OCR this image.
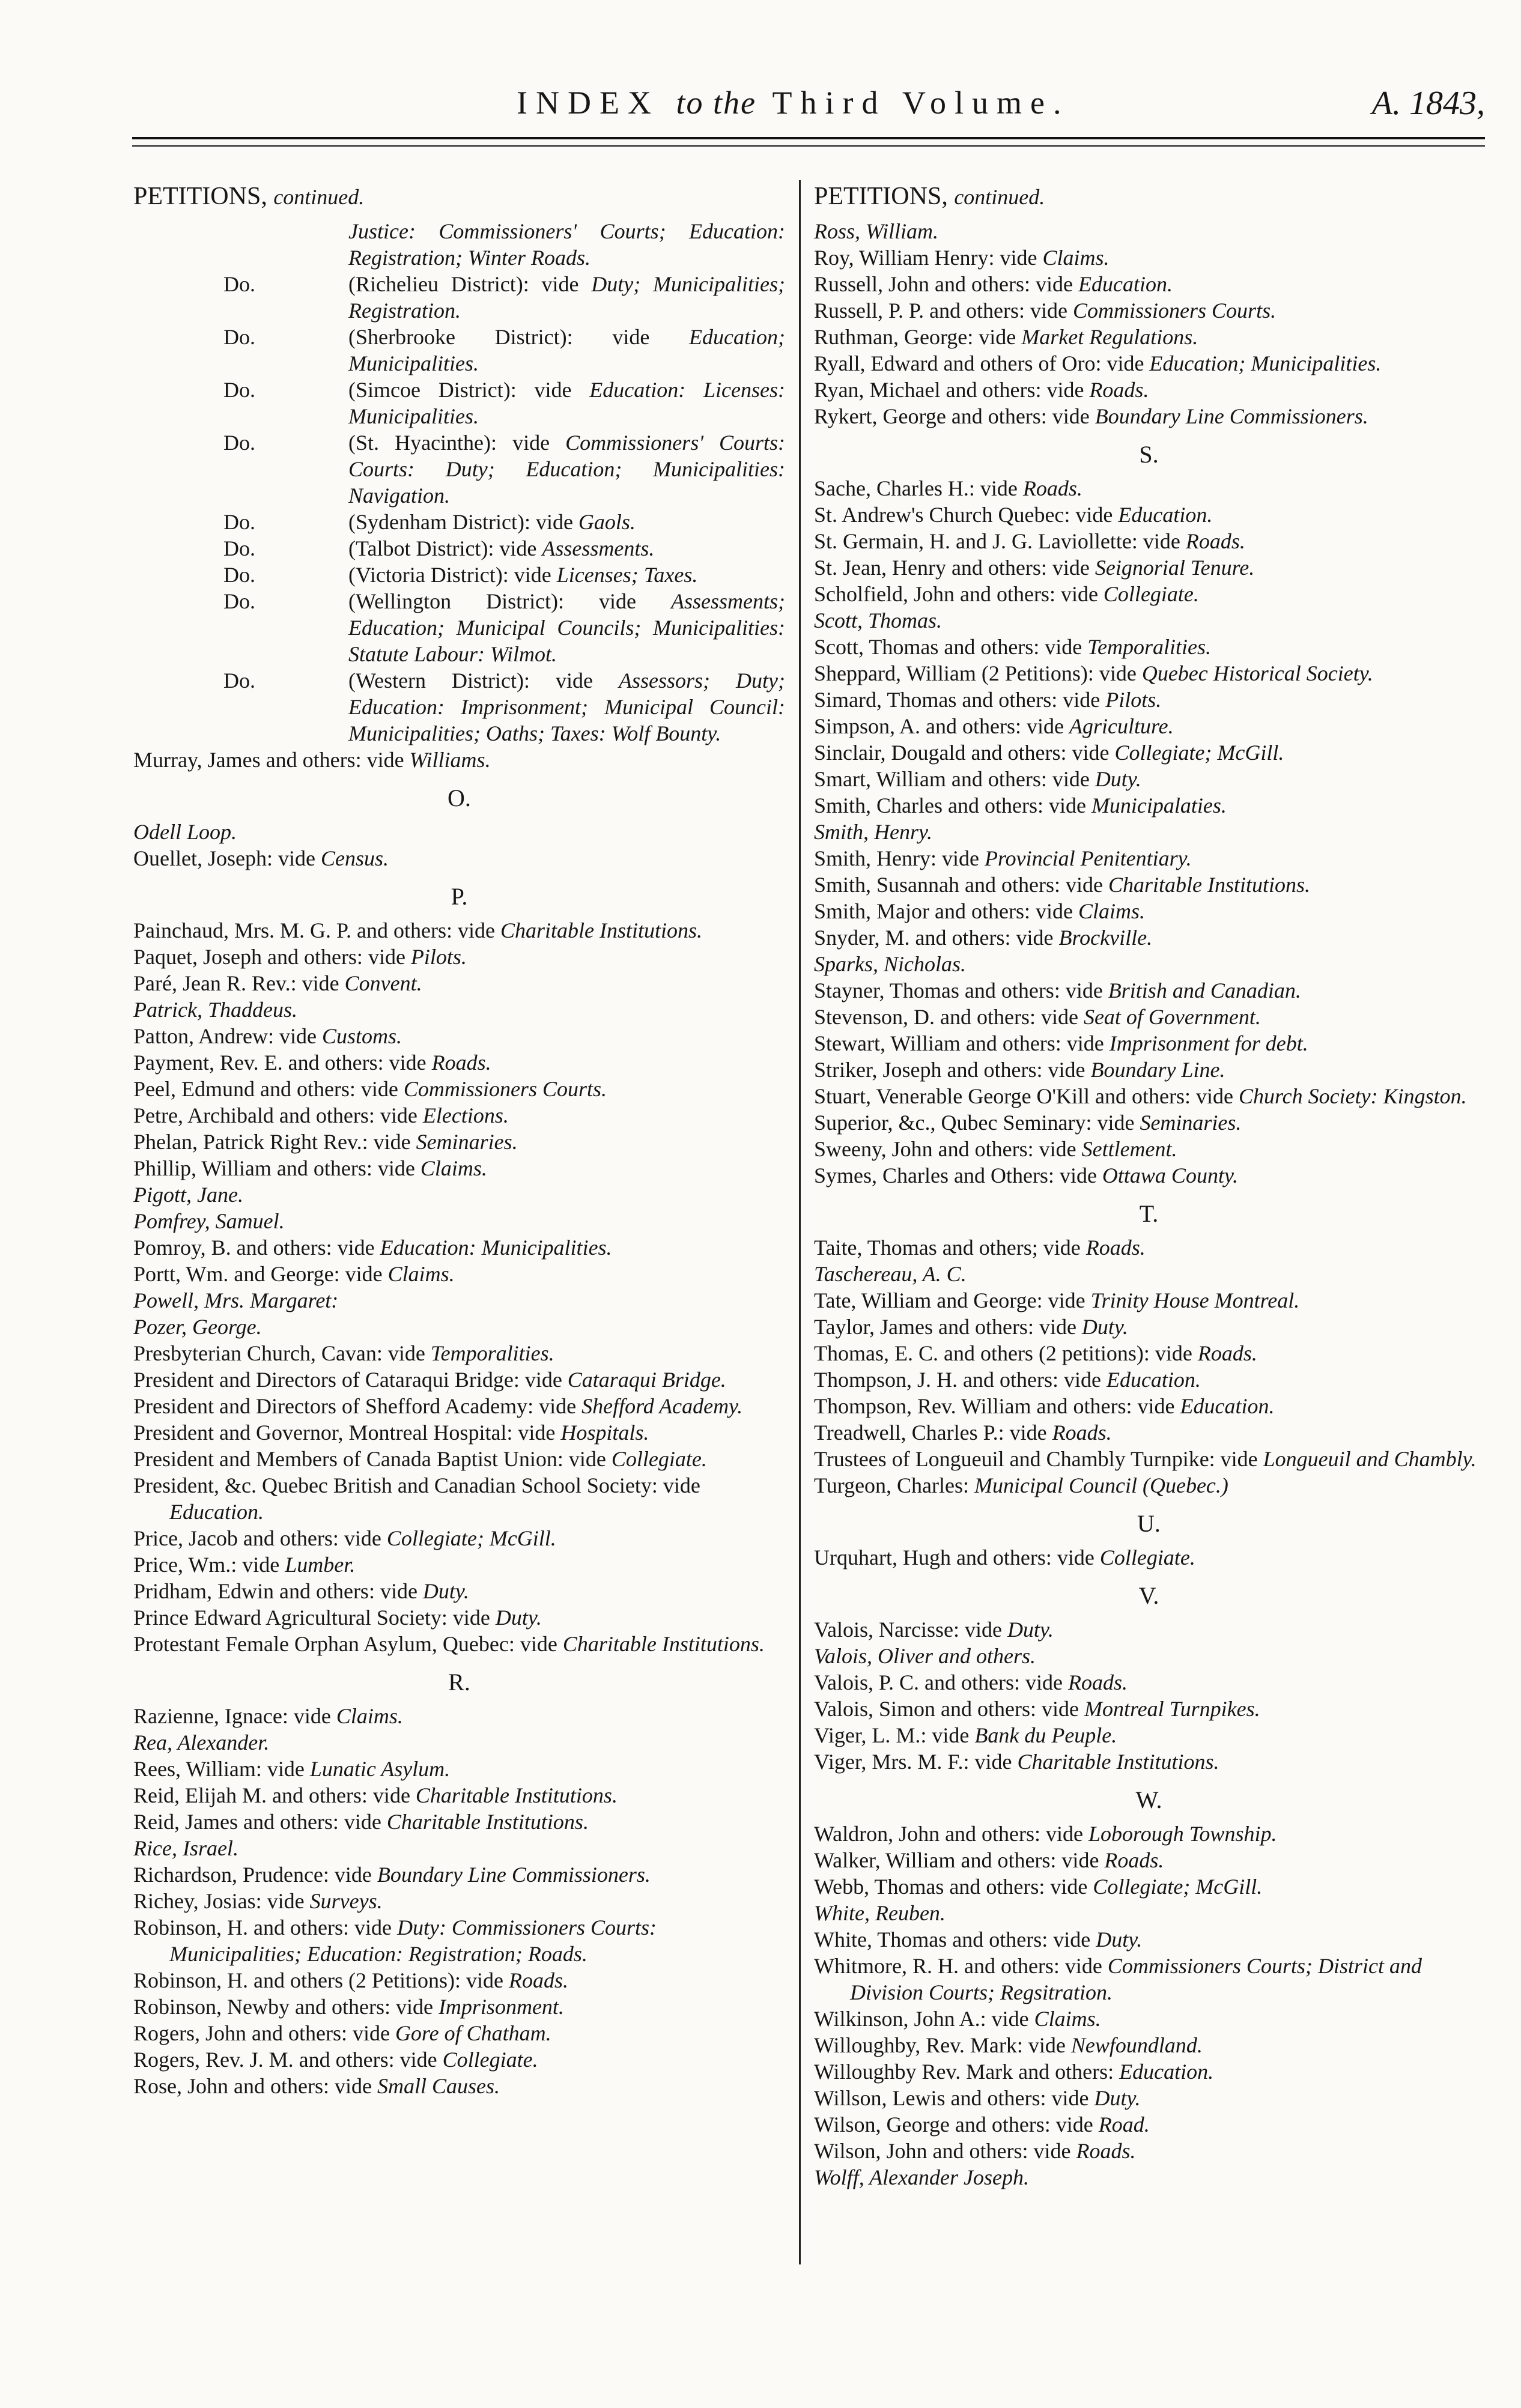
INDEX to the Third Volume.	A. 1843,
PETITIONS, continued.
Justice: Commissioners' Courts; Education: Registration; Winter Roads.
Do.	(Richelieu District): vide Duty; Municipalities; Registration.
Do.	(Sherbrooke District): vide Education; Municipalities.
Do.	(Simcoe District): vide Education: Licenses: Municipalities.
Do.	(St. Hyacinthe): vide Commissioners' Courts: Courts: Duty; Education; Municipalities: Navigation.
Do.	(Sydenham District): vide Gaols.
Do.	(Talbot District): vide Assessments.
Do.	(Victoria District): vide Licenses; Taxes.
Do.	(Wellington District): vide Assessments; Education; Municipal Councils; Municipalities: Statute Labour: Wilmot.
Do.	(Western District): vide Assessors; Duty; Education: Imprisonment; Municipal Council: Municipalities; Oaths; Taxes: Wolf Bounty.

Murray, James and others: vide Williams.

O.

Odell Loop.

Ouellet, Joseph: vide Census.

P.

Painchaud, Mrs. M. G. P. and others: vide Charitable Institutions.

Paquet, Joseph and others: vide Pilots.

Paré, Jean R. Rev.: vide Convent.

Patrick, Thaddeus.

Patton, Andrew: vide Customs.

Payment, Rev. E. and others: vide Roads.

Peel, Edmund and others: vide Commissioners Courts.

Petre, Archibald and others: vide Elections.

Phelan, Patrick Right Rev.: vide Seminaries.

Phillip, William and others: vide Claims.

Pigott, Jane.

Pomfrey, Samuel.

Pomroy, B. and others: vide Education: Municipalities.

Portt, Wm. and George: vide Claims.

Powell, Mrs. Margaret:

Pozer, George.

Presbyterian Church, Cavan: vide Temporalities.

President and Directors of Cataraqui Bridge: vide Cataraqui Bridge.

President and Directors of Shefford Academy: vide Shefford Academy.

President and Governor, Montreal Hospital: vide Hospitals.

President and Members of Canada Baptist Union: vide Collegiate.

President, &c. Quebec British and Canadian School Society: vide Education.

Price, Jacob and others: vide Collegiate; McGill.

Price, Wm.: vide Lumber.

Pridham, Edwin and others: vide Duty.

Prince Edward Agricultural Society: vide Duty.

Protestant Female Orphan Asylum, Quebec: vide Charitable Institutions.

R.

Razienne, Ignace: vide Claims.

Rea, Alexander.

Rees, William: vide Lunatic Asylum.

Reid, Elijah M. and others: vide Charitable Institutions.

Reid, James and others: vide Charitable Institutions.

Rice, Israel.

Richardson, Prudence: vide Boundary Line Commissioners.

Richey, Josias: vide Surveys.

Robinson, H. and others: vide Duty: Commissioners Courts: Municipalities; Education: Registration; Roads.

Robinson, H. and others (2 Petitions): vide Roads.

Robinson, Newby and others: vide Imprisonment.

Rogers, John and others: vide Gore of Chatham.

Rogers, Rev. J. M. and others: vide Collegiate.

Rose, John and others: vide Small Causes.

PETITIONS, continued.

Ross, William.

Roy, William Henry: vide Claims.

Russell, John and others: vide Education.

Russell, P. P. and others: vide Commissioners Courts.

Ruthman, George: vide Market Regulations.

Ryall, Edward and others of Oro: vide Education; Municipalities.

Ryan, Michael and others: vide Roads.

Rykert, George and others: vide Boundary Line Commissioners.

S.

Sache, Charles H.: vide Roads.

St. Andrew's Church Quebec: vide Education.

St. Germain, H. and J. G. Laviollette: vide Roads.

St. Jean, Henry and others: vide Seignorial Tenure.

Scholfield, John and others: vide Collegiate.

Scott, Thomas.

Scott, Thomas and others: vide Temporalities.

Sheppard, William (2 Petitions): vide Quebec Historical Society.

Simard, Thomas and others: vide Pilots.

Simpson, A. and others: vide Agriculture.

Sinclair, Dougald and others: vide Collegiate; McGill.

Smart, William and others: vide Duty.

Smith, Charles and others: vide Municipalaties.

Smith, Henry.

Smith, Henry: vide Provincial Penitentiary.

Smith, Susannah and others: vide Charitable Institutions.

Smith, Major and others: vide Claims.

Snyder, M. and others: vide Brockville.

Sparks, Nicholas.

Stayner, Thomas and others: vide British and Canadian.

Stevenson, D. and others: vide Seat of Government.

Stewart, William and others: vide Imprisonment for debt.

Striker, Joseph and others: vide Boundary Line.

Stuart, Venerable George O'Kill and others: vide Church Society: Kingston.

Superior, &c., Qubec Seminary: vide Seminaries.

Sweeny, John and others: vide Settlement.

Symes, Charles and Others: vide Ottawa County.

T.

Taite, Thomas and others; vide Roads.

Taschereau, A. C.

Tate, William and George: vide Trinity House Montreal.

Taylor, James and others: vide Duty.

Thomas, E. C. and others (2 petitions): vide Roads.

Thompson, J. H. and others: vide Education.

Thompson, Rev. William and others: vide Education.

Treadwell, Charles P.: vide Roads.

Trustees of Longueuil and Chambly Turnpike: vide Longueuil and Chambly.

Turgeon, Charles: Municipal Council (Quebec.)

U.

Urquhart, Hugh and others: vide Collegiate.

V.

Valois, Narcisse: vide Duty.

Valois, Oliver and others.

Valois, P. C. and others: vide Roads.

Valois, Simon and others: vide Montreal Turnpikes.

Viger, L. M.: vide Bank du Peuple.

Viger, Mrs. M. F.: vide Charitable Institutions.

W.

Waldron, John and others: vide Loborough Township.

Walker, William and others: vide Roads.

Webb, Thomas and others: vide Collegiate; McGill.

White, Reuben.

White, Thomas and others: vide Duty.

Whitmore, R. H. and others: vide Commissioners Courts; District and Division Courts; Regsitration.

Wilkinson, John A.: vide Claims.

Willoughby, Rev. Mark: vide Newfoundland.

Willoughby Rev. Mark and others: Education.

Willson, Lewis and others: vide Duty.

Wilson, George and others: vide Road.

Wilson, John and others: vide Roads.

Wolff, Alexander Joseph.
